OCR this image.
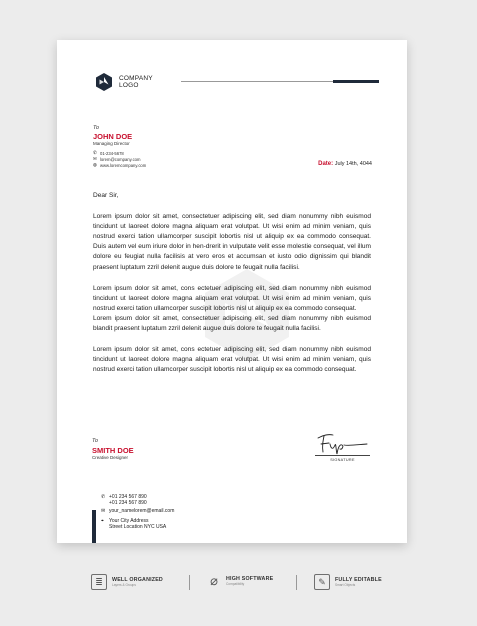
COMPANY
LOGO
To
JOHN DOE
Managing Director
✆ 01-234-5678
✉ lorem@company.com
◍ www.loremcompany.com	Date: July 14th, 4044
Dear Sir,

Lorem ipsum dolor sit amet, consectetuer adipiscing elit, sed diam nonummy nibh euismod tincidunt ut laoreet dolore magna aliquam erat volutpat. Ut wisi enim ad minim veniam, quis nostrud exerci tation ullamcorper suscipit lobortis nisl ut aliquip ex ea commodo consequat. Duis autem vel eum iriure dolor in hen-drerit in vulputate velit esse molestie consequat, vel illum dolore eu feugiat nulla facilisis at vero eros et accumsan et iusto odio dignissim qui blandit praesent luptatum zzril delenit augue duis dolore te feugait nulla facilisi.

Lorem ipsum dolor sit amet, cons ectetuer adipiscing elit, sed diam nonummy nibh euismod tincidunt ut laoreet dolore magna aliquam erat volutpat. Ut wisi enim ad minim veniam, quis nostrud exerci tation ullamcorper suscipit lobortis nisl ut aliquip ex ea commodo consequat.

Lorem ipsum dolor sit amet, consectetuer adipiscing elit, sed diam nonummy nibh euismod blandit praesent luptatum zzril delenit augue duis dolore te feugait nulla facilisi.

Lorem ipsum dolor sit amet, cons ectetuer adipiscing elit, sed diam nonummy nibh euismod tincidunt ut laoreet dolore magna aliquam erat volutpat. Ut wisi enim ad minim veniam, quis nostrud exerci tation ullamcorper suscipit lobortis nisl ut aliquip ex ea commodo consequat.

To
SMITH DOE
Creative Designer	SIGNATURE
✆ +01 234 567 890
+01 234 567 890
✉ your_namelorem@email.com
⌖	Your City Address
Street Location NYC USA
≣	WELL ORGANIZED
Layers & Groups	⌀	HIGH SOFTWARE
Compatibility	✎	FULLY EDITABLE
Smart Objects
